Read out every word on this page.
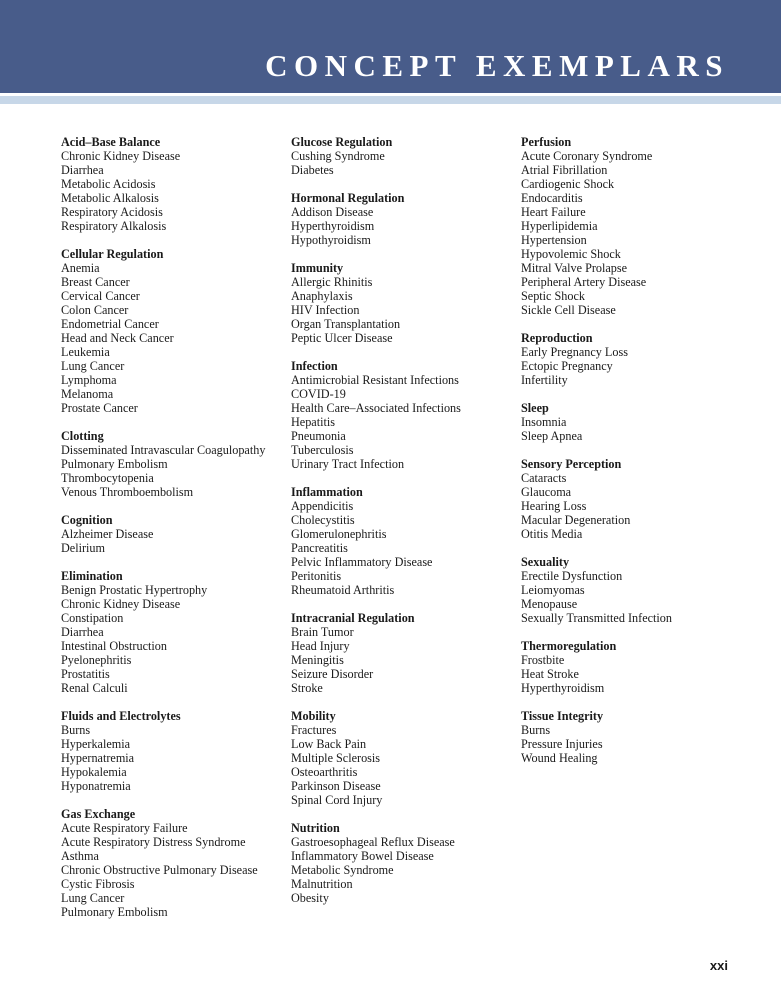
CONCEPT EXEMPLARS
Acid–Base Balance
Chronic Kidney Disease
Diarrhea
Metabolic Acidosis
Metabolic Alkalosis
Respiratory Acidosis
Respiratory Alkalosis
Cellular Regulation
Anemia
Breast Cancer
Cervical Cancer
Colon Cancer
Endometrial Cancer
Head and Neck Cancer
Leukemia
Lung Cancer
Lymphoma
Melanoma
Prostate Cancer
Clotting
Disseminated Intravascular Coagulopathy
Pulmonary Embolism
Thrombocytopenia
Venous Thromboembolism
Cognition
Alzheimer Disease
Delirium
Elimination
Benign Prostatic Hypertrophy
Chronic Kidney Disease
Constipation
Diarrhea
Intestinal Obstruction
Pyelonephritis
Prostatitis
Renal Calculi
Fluids and Electrolytes
Burns
Hyperkalemia
Hypernatremia
Hypokalemia
Hyponatremia
Gas Exchange
Acute Respiratory Failure
Acute Respiratory Distress Syndrome
Asthma
Chronic Obstructive Pulmonary Disease
Cystic Fibrosis
Lung Cancer
Pulmonary Embolism
Glucose Regulation
Cushing Syndrome
Diabetes
Hormonal Regulation
Addison Disease
Hyperthyroidism
Hypothyroidism
Immunity
Allergic Rhinitis
Anaphylaxis
HIV Infection
Organ Transplantation
Peptic Ulcer Disease
Infection
Antimicrobial Resistant Infections
COVID-19
Health Care–Associated Infections
Hepatitis
Pneumonia
Tuberculosis
Urinary Tract Infection
Inflammation
Appendicitis
Cholecystitis
Glomerulonephritis
Pancreatitis
Pelvic Inflammatory Disease
Peritonitis
Rheumatoid Arthritis
Intracranial Regulation
Brain Tumor
Head Injury
Meningitis
Seizure Disorder
Stroke
Mobility
Fractures
Low Back Pain
Multiple Sclerosis
Osteoarthritis
Parkinson Disease
Spinal Cord Injury
Nutrition
Gastroesophageal Reflux Disease
Inflammatory Bowel Disease
Metabolic Syndrome
Malnutrition
Obesity
Perfusion
Acute Coronary Syndrome
Atrial Fibrillation
Cardiogenic Shock
Endocarditis
Heart Failure
Hyperlipidemia
Hypertension
Hypovolemic Shock
Mitral Valve Prolapse
Peripheral Artery Disease
Septic Shock
Sickle Cell Disease
Reproduction
Early Pregnancy Loss
Ectopic Pregnancy
Infertility
Sleep
Insomnia
Sleep Apnea
Sensory Perception
Cataracts
Glaucoma
Hearing Loss
Macular Degeneration
Otitis Media
Sexuality
Erectile Dysfunction
Leiomyomas
Menopause
Sexually Transmitted Infection
Thermoregulation
Frostbite
Heat Stroke
Hyperthyroidism
Tissue Integrity
Burns
Pressure Injuries
Wound Healing
xxi
